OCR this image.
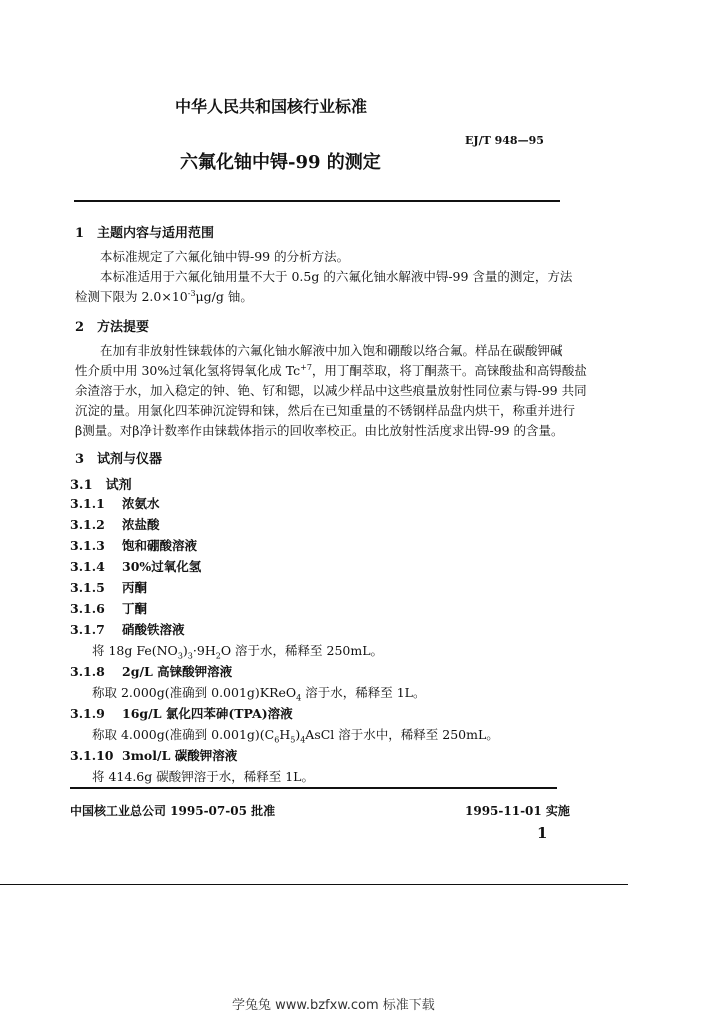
中华人民共和国核行业标准
EJ/T 948—95
六氟化铀中锝-99 的测定
1　主题内容与适用范围
本标准规定了六氟化铀中锝-99 的分析方法。
本标准适用于六氟化铀用量不大于 0.5g 的六氟化铀水解液中锝-99 含量的测定，方法
检测下限为 $2.0\times 10^{-3}\mu g/g$ 铀。
2　方法提要
在加有非放射性铼载体的六氟化铀水解液中加入饱和硼酸以络合氟。样品在碳酸钾碱
性介质中用 30%过氧化氢将锝氧化成 $Tc^{+7}$，用丁酮萃取，将丁酮蒸干。高铼酸盐和高锝酸盐
余渣溶于水，加入稳定的钟、铯、钌和锶，以减少样品中这些痕量放射性同位素与锝-99 共同
沉淀的量。用氯化四苯砷沉淀锝和铼，然后在已知重量的不锈钢样品盘内烘干，称重并进行
β测量。对β净计数率作由铼载体指示的回收率校正。由比放射性活度求出锝-99 的含量。
3　试剂与仪器
3.1　试剂
3.1.1 浓氨水
3.1.2 浓盐酸
3.1.3 饱和硼酸溶液
3.1.4 30%过氧化氢
3.1.5 丙酮
3.1.6 丁酮
3.1.7 硝酸铁溶液
将 18g $Fe(NO_3)_3\cdot 9H_2O$ 溶于水，稀释至 250mL。
3.1.8 2g/L 高铼酸钾溶液
称取 2.000g(准确到 0.001g)KReO$_4$ 溶于水，稀释至 1L。
3.1.9 16g/L 氯化四苯砷(TPA)溶液
称取 4.000g(准确到 $0.001g)(C_6H_5)_4AsCl$ 溶于水中，稀释至 250mL。
3.1.10 3mol/L 碳酸钾溶液
将 414.6g 碳酸钾溶于水，稀释至 1L。
中国核工业总公司 1995-07-05 批准	1995-11-01 实施
1
学兔兔 www.bzfxw.com 标准下载
